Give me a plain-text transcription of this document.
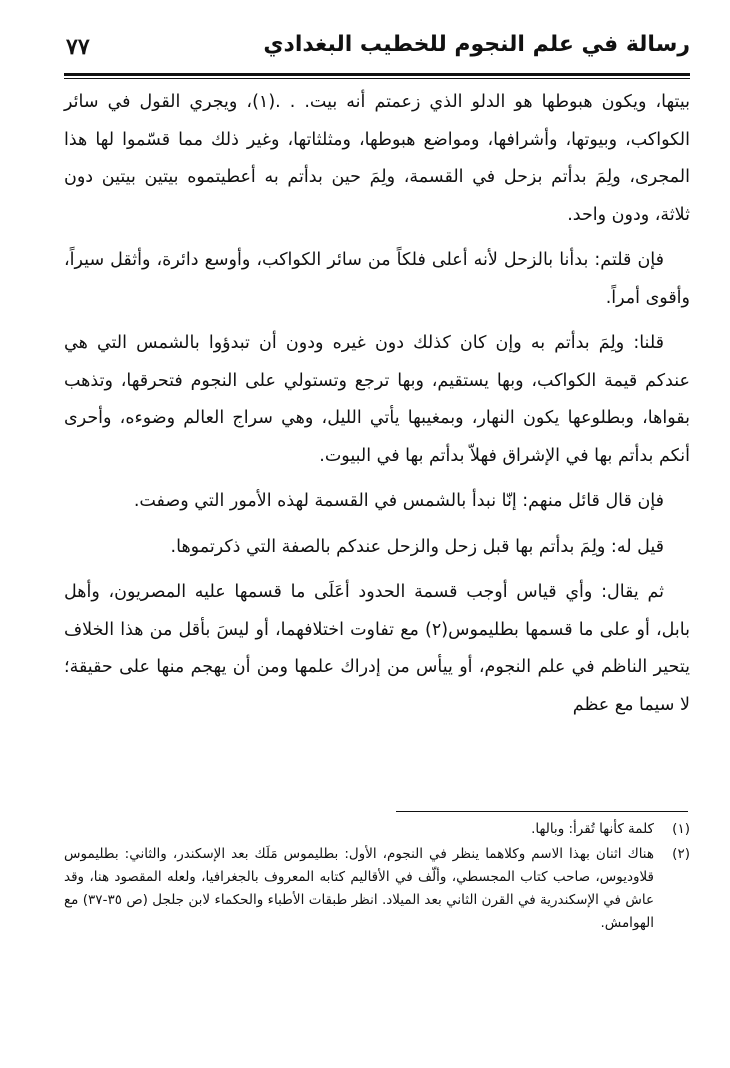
٧٧	رسالة في علم النجوم للخطيب البغدادي

بيتها، ويكون هبوطها هو الدلو الذي زعمتم أنه بيت. . .(١)، ويجري القول في سائر الكواكب، وبيوتها، وأشرافها، ومواضع هبوطها، ومثلثاتها، وغير ذلك مما قسّموا لها هذا المجرى، ولِمَ بدأتم بزحل في القسمة، ولِمَ حين بدأتم به أعطيتموه بيتين بيتين دون ثلاثة، ودون واحد.

فإن قلتم: بدأنا بالزحل لأنه أعلى فلكاً من سائر الكواكب، وأوسع دائرة، وأثقل سيراً، وأقوى أمراً.

قلنا: ولِمَ بدأتم به وإن كان كذلك دون غيره ودون أن تبدؤوا بالشمس التي هي عندكم قيمة الكواكب، وبها يستقيم، وبها ترجع وتستولي على النجوم فتحرقها، وتذهب بقواها، وبطلوعها يكون النهار، وبمغيبها يأتي الليل، وهي سراج العالم وضوءه، وأحرى أنكم بدأتم بها في الإشراق فهلاّ بدأتم بها في البيوت.

فإن قال قائل منهم: إنّا نبدأ بالشمس في القسمة لهذه الأمور التي وصفت.

قيل له: ولِمَ بدأتم بها قبل زحل والزحل عندكم بالصفة التي ذكرتموها.

ثم يقال: وأي قياس أوجب قسمة الحدود أعَلَى ما قسمها عليه المصريون، وأهل بابل، أو على ما قسمها بطليموس(٢) مع تفاوت اختلافهما، أو ليسَ بأقل من هذا الخلاف يتحير الناظم في علم النجوم، أو ييأس من إدراك علمها ومن أن يهجم منها على حقيقة؛ لا سيما مع عظم

(١)
كلمة كأنها تُقرأ: وبالها.
(٢)
هناك اثنان بهذا الاسم وكلاهما ينظر في النجوم، الأول: بطليموس مَلَك بعد الإسكندر، والثاني: بطليموس قلاوديوس، صاحب كتاب المجسطي، وألّف في الأقاليم كتابه المعروف بالجغرافيا، ولعله المقصود هنا، وقد عاش في الإسكندرية في القرن الثاني بعد الميلاد. انظر طبقات الأطباء والحكماء لابن جلجل (ص ٣٥-٣٧) مع الهوامش.
